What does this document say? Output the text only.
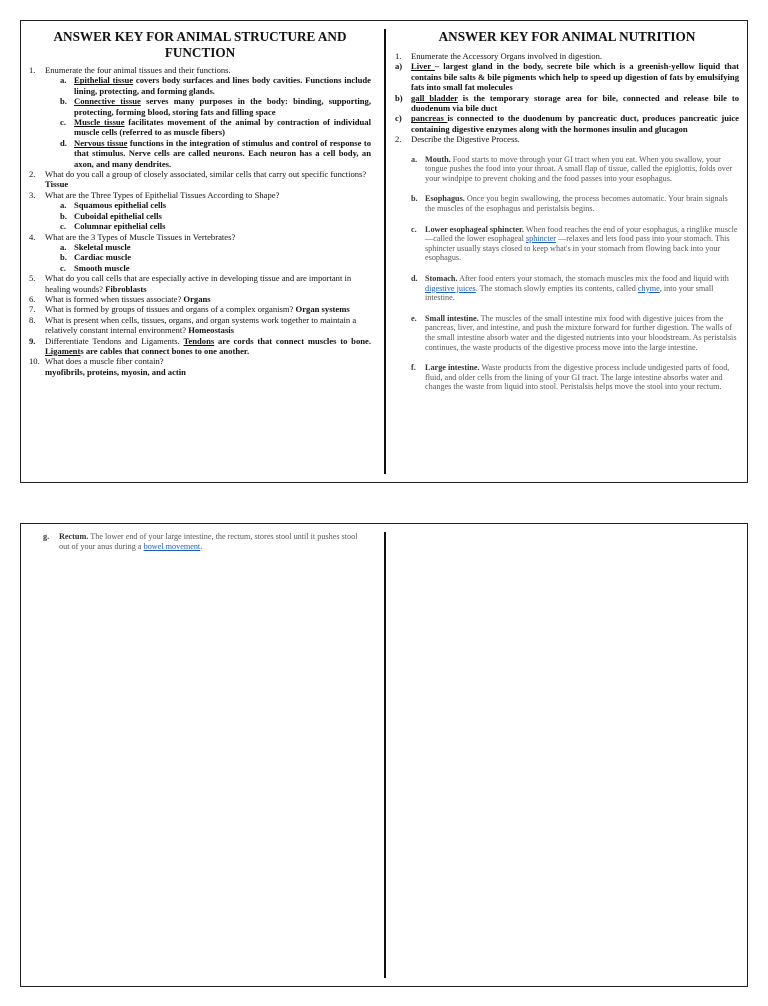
ANSWER KEY FOR ANIMAL STRUCTURE AND FUNCTION
1. Enumerate the four animal tissues and their functions.
a. Epithelial tissue covers body surfaces and lines body cavities. Functions include lining, protecting, and forming glands.
b. Connective tissue serves many purposes in the body: binding, supporting, protecting, forming blood, storing fats and filling space
c. Muscle tissue facilitates movement of the animal by contraction of individual muscle cells (referred to as muscle fibers)
d. Nervous tissue functions in the integration of stimulus and control of response to that stimulus. Nerve cells are called neurons. Each neuron has a cell body, an axon, and many dendrites.
2. What do you call a group of closely associated, similar cells that carry out specific functions? Tissue
3. What are the Three Types of Epithelial Tissues According to Shape?
a. Squamous epithelial cells
b. Cuboidal epithelial cells
c. Columnar epithelial cells
4. What are the 3 Types of Muscle Tissues in Vertebrates?
a. Skeletal muscle
b. Cardiac muscle
c. Smooth muscle
5. What do you call cells that are especially active in developing tissue and are important in healing wounds? Fibroblasts
6. What is formed when tissues associate? Organs
7. What is formed by groups of tissues and organs of a complex organism? Organ systems
8. What is present when cells, tissues, organs, and organ systems work together to maintain a relatively constant internal environment? Homeostasis
9. Differentiate Tendons and Ligaments. Tendons are cords that connect muscles to bone. Ligaments are cables that connect bones to one another.
10. What does a muscle fiber contain?
myofibrils, proteins, myosin, and actin
ANSWER KEY FOR ANIMAL NUTRITION
1. Enumerate the Accessory Organs involved in digestion.
a) Liver – largest gland in the body, secrete bile which is a greenish-yellow liquid that contains bile salts & bile pigments which help to speed up digestion of fats by emulsifying fats into small fat molecules
b) gall bladder is the temporary storage area for bile, connected and release bile to duodenum via bile duct
c) pancreas is connected to the duodenum by pancreatic duct, produces pancreatic juice containing digestive enzymes along with the hormones insulin and glucagon
2. Describe the Digestive Process.
a. Mouth. Food starts to move through your GI tract when you eat. When you swallow, your tongue pushes the food into your throat. A small flap of tissue, called the epiglottis, folds over your windpipe to prevent choking and the food passes into your esophagus.
b. Esophagus. Once you begin swallowing, the process becomes automatic. Your brain signals the muscles of the esophagus and peristalsis begins.
c. Lower esophageal sphincter. When food reaches the end of your esophagus, a ringlike muscle—called the lower esophageal sphincter —relaxes and lets food pass into your stomach. This sphincter usually stays closed to keep what's in your stomach from flowing back into your esophagus.
d. Stomach. After food enters your stomach, the stomach muscles mix the food and liquid with digestive juices. The stomach slowly empties its contents, called chyme, into your small intestine.
e. Small intestine. The muscles of the small intestine mix food with digestive juices from the pancreas, liver, and intestine, and push the mixture forward for further digestion. The walls of the small intestine absorb water and the digested nutrients into your bloodstream. As peristalsis continues, the waste products of the digestive process move into the large intestine.
f. Large intestine. Waste products from the digestive process include undigested parts of food, fluid, and older cells from the lining of your GI tract. The large intestine absorbs water and changes the waste from liquid into stool. Peristalsis helps move the stool into your rectum.
g. Rectum. The lower end of your large intestine, the rectum, stores stool until it pushes stool out of your anus during a bowel movement.
